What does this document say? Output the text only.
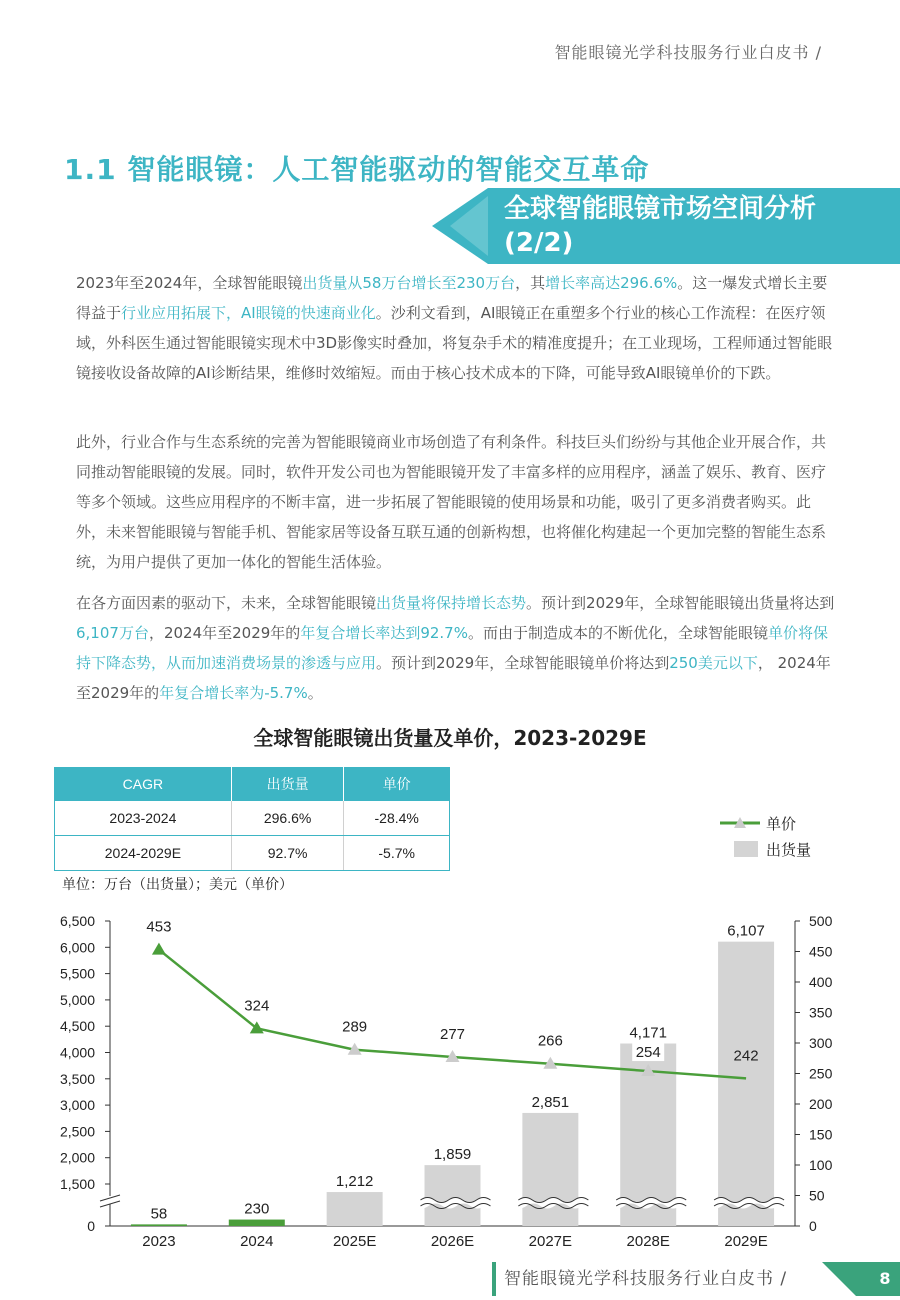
智能眼镜光学科技服务行业白皮书 /
1.1 智能眼镜：人工智能驱动的智能交互革命
全球智能眼镜市场空间分析 (2/2)

2023年至2024年，全球智能眼镜出货量从58万台增长至230万台，其增长率高达296.6%。这一爆发式增长主要得益于行业应用拓展下，AI眼镜的快速商业化。沙利文看到，AI眼镜正在重塑多个行业的核心工作流程：在医疗领域，外科医生通过智能眼镜实现术中3D影像实时叠加，将复杂手术的精准度提升；在工业现场，工程师通过智能眼镜接收设备故障的AI诊断结果，维修时效缩短。而由于核心技术成本的下降，可能导致AI眼镜单价的下跌。

此外，行业合作与生态系统的完善为智能眼镜商业市场创造了有利条件。科技巨头们纷纷与其他企业开展合作，共同推动智能眼镜的发展。同时，软件开发公司也为智能眼镜开发了丰富多样的应用程序，涵盖了娱乐、教育、医疗等多个领域。这些应用程序的不断丰富，进一步拓展了智能眼镜的使用场景和功能，吸引了更多消费者购买。此外，未来智能眼镜与智能手机、智能家居等设备互联互通的创新构想，也将催化构建起一个更加完整的智能生态系统，为用户提供了更加一体化的智能生活体验。

在各方面因素的驱动下，未来，全球智能眼镜出货量将保持增长态势。预计到2029年，全球智能眼镜出货量将达到6,107万台，2024年至2029年的年复合增长率达到92.7%。而由于制造成本的不断优化，全球智能眼镜单价将保持下降态势，从而加速消费场景的渗透与应用。预计到2029年，全球智能眼镜单价将达到250美元以下， 2024年至2029年的年复合增长率为-5.7%。

全球智能眼镜出货量及单价，2023-2029E
CAGR	出货量	单价
2023-2024	296.6%	-28.4%
2024-2029E	92.7%	-5.7%
单价
出货量
单位：万台（出货量）；美元（单价）
0
1,500
2,000
2,500
3,000
3,500
4,000
4,500
5,000
5,500
6,000
6,500
0
50
100
150
200
250
300
350
400
450
500
58
2023
230
2024
1,212
2025E
1,859
2026E
2,851
2027E
4,171
2028E
6,107
2029E
453
324
289	277	266
254	242
智能眼镜光学科技服务行业白皮书 /	8
